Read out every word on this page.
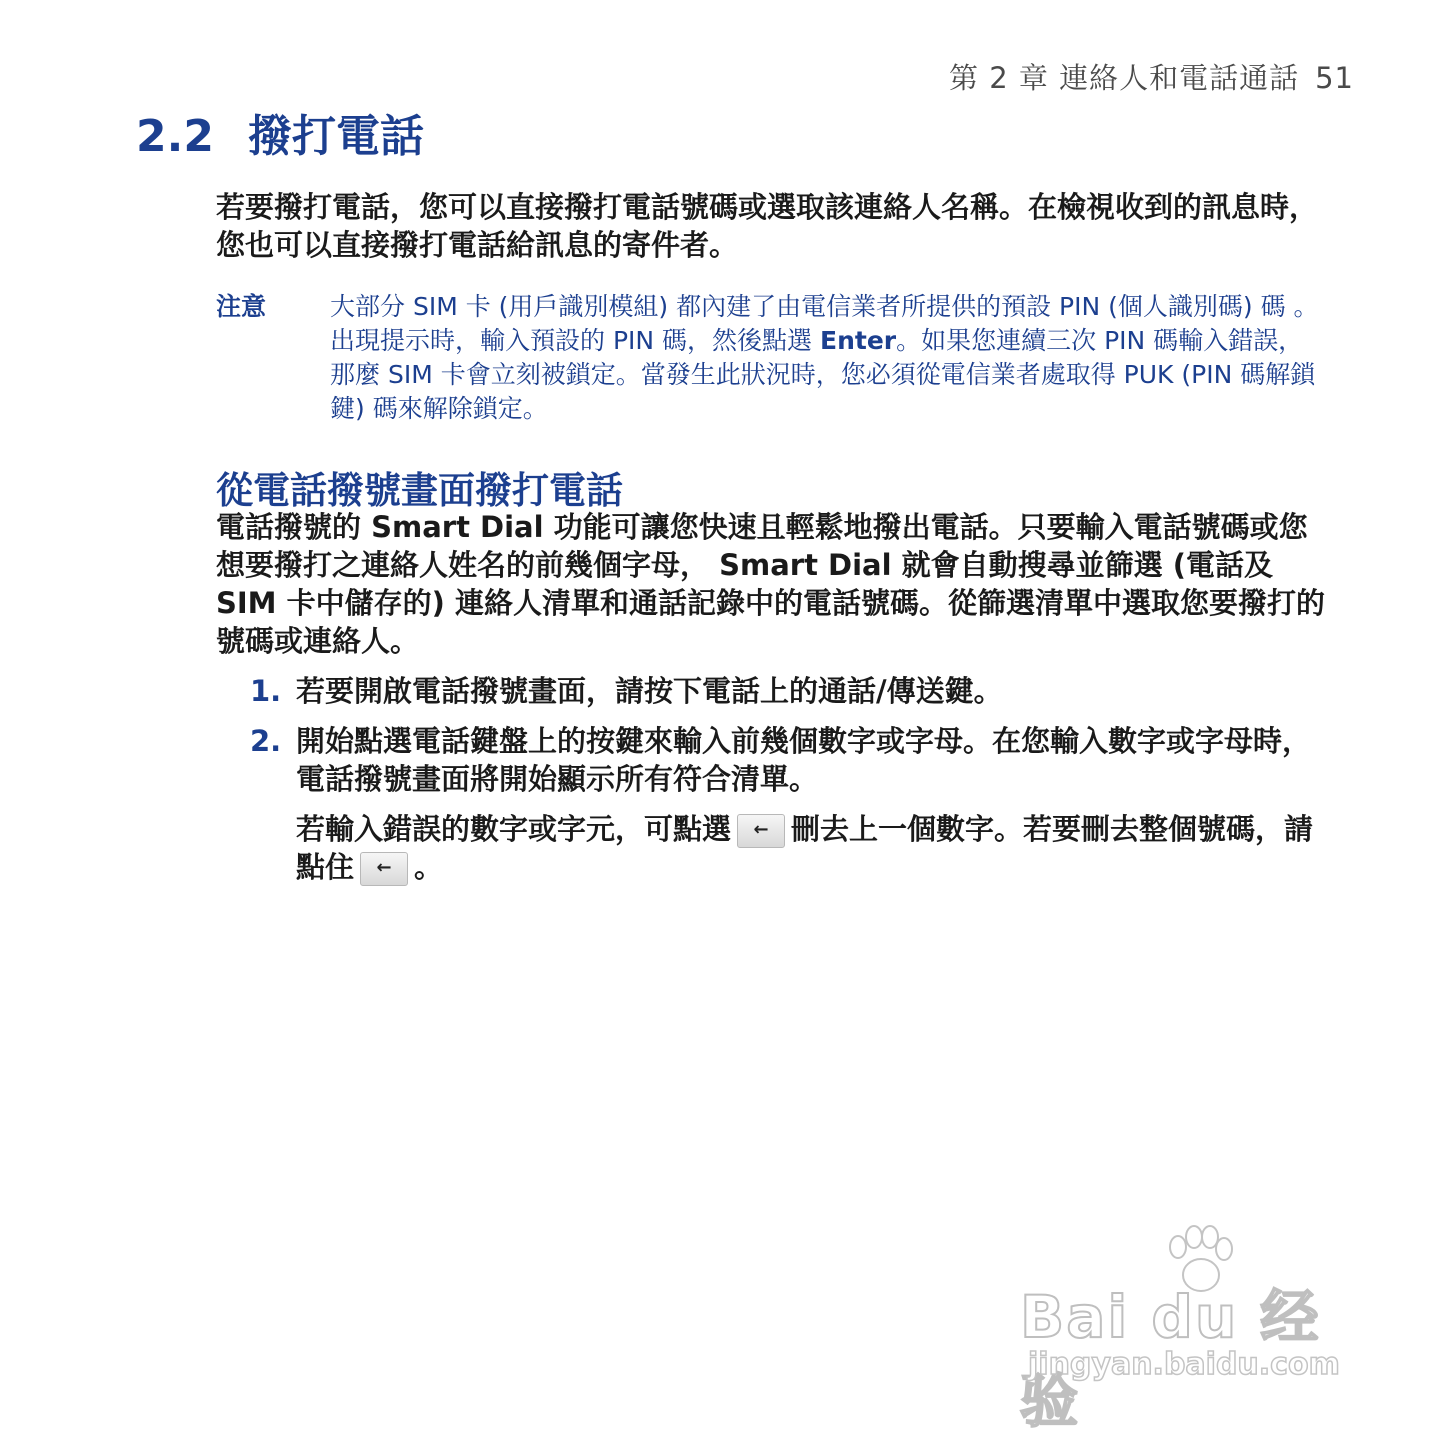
第 2 章 連絡人和電話通話 51
2.2 撥打電話
若要撥打電話，您可以直接撥打電話號碼或選取該連絡人名稱。在檢視收到的訊息時，您也可以直接撥打電話給訊息的寄件者。
注意	大部分 SIM 卡 (用戶識別模組) 都內建了由電信業者所提供的預設 PIN (個人識別碼) 碼 。出現提示時，輸入預設的 PIN 碼，然後點選 Enter。如果您連續三次 PIN 碼輸入錯誤，那麼 SIM 卡會立刻被鎖定。當發生此狀況時，您必須從電信業者處取得 PUK (PIN 碼解鎖鍵) 碼來解除鎖定。
從電話撥號畫面撥打電話
電話撥號的 Smart Dial 功能可讓您快速且輕鬆地撥出電話。只要輸入電話號碼或您想要撥打之連絡人姓名的前幾個字母， Smart Dial 就會自動搜尋並篩選 (電話及 SIM 卡中儲存的) 連絡人清單和通話記錄中的電話號碼。從篩選清單中選取您要撥打的號碼或連絡人。
1. 若要開啟電話撥號畫面，請按下電話上的通話/傳送鍵。
2. 開始點選電話鍵盤上的按鍵來輸入前幾個數字或字母。在您輸入數字或字母時，電話撥號畫面將開始顯示所有符合清單。
若輸入錯誤的數字或字元，可點選 ← 刪去上一個數字。若要刪去整個號碼，請點住 ← 。
Bai du 经验
jingyan.baidu.com
